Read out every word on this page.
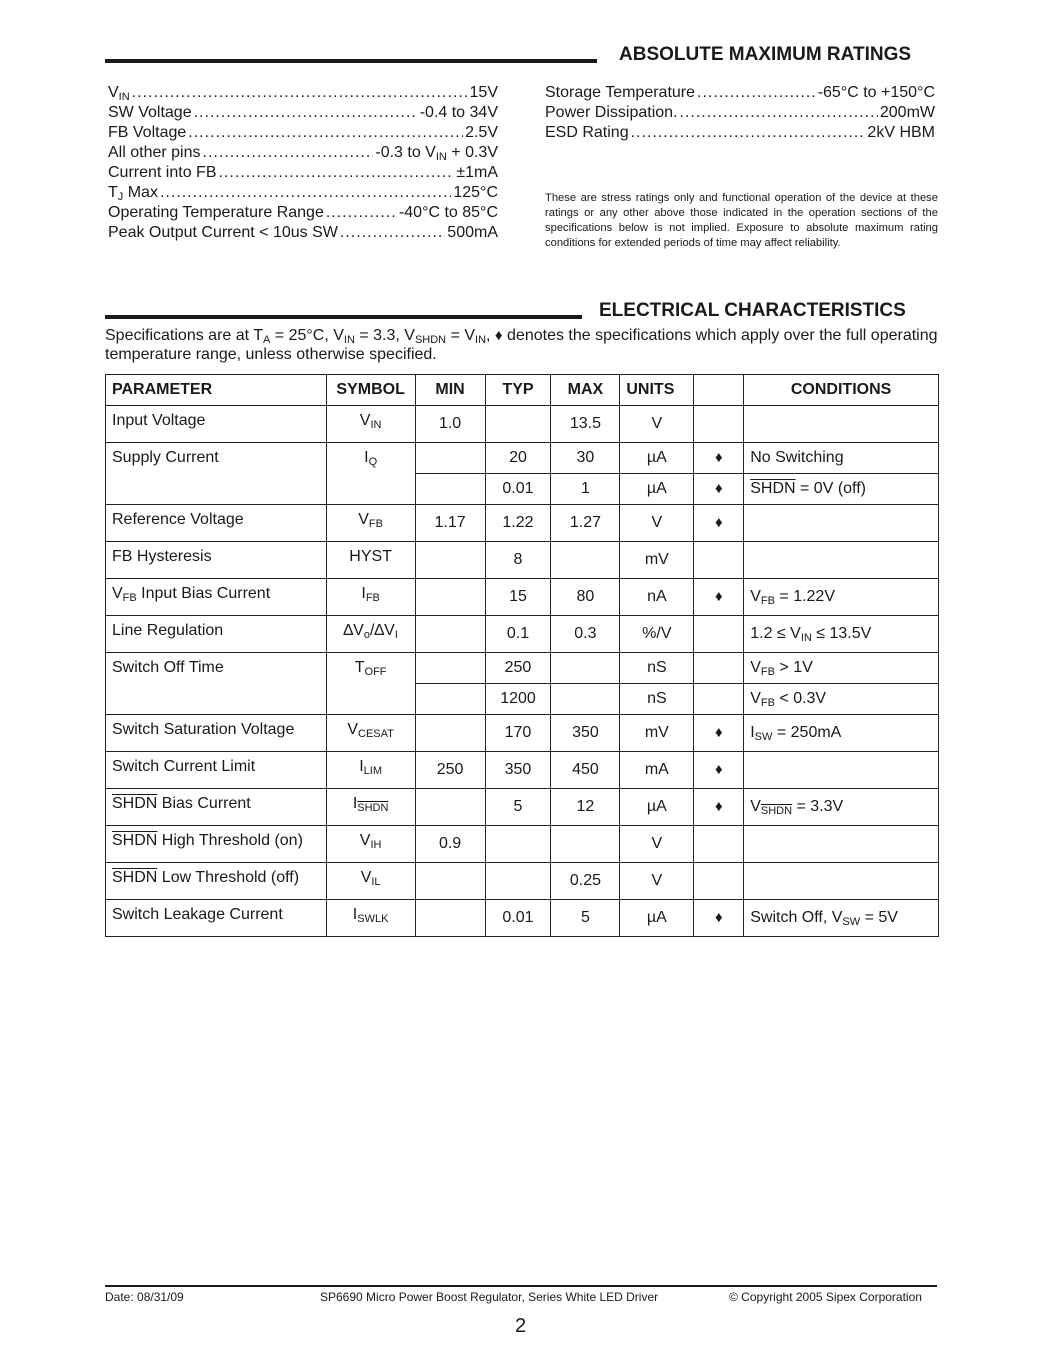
ABSOLUTE MAXIMUM RATINGS
$V_{IN}$ .....	15V
SW Voltage .....	-0.4 to 34V
FB Voltage .....	2.5V
All other pins .....	-0.3 to $V_{IN} + 0.3V$
Current into FB .....	±1mA
$T_J$ Max .....	125°C
Operating Temperature Range .....	-40°C to 85°C
Peak Output Current < 10us SW .....	500mA
Storage Temperature .....	-65°C to +150°C
Power Dissipation. .....	200mW
ESD Rating .....	2kV HBM
These are stress ratings only and functional operation of the device at these ratings or any other above those indicated in the operation sections of the specifications below is not implied. Exposure to absolute maximum rating conditions for extended periods of time may affect reliability.
ELECTRICAL CHARACTERISTICS
Specifications are at $T_A = 25^\circ C$, $V_{IN} = 3.3$, $V_{SHDN} = V_{IN}$, ♦ denotes the specifications which apply over the full operating temperature range, unless otherwise specified.
PARAMETER	SYMBOL	MIN	TYP	MAX	UNITS		CONDITIONS
Input Voltage	$V_{IN}$	1.0		13.5	V		
Supply Current	$I_Q$		20	30	µA	♦	No Switching
			0.01	1	µA	♦	SHDN = 0V (off)
Reference Voltage	$V_{FB}$	1.17	1.22	1.27	V	♦	
FB Hysteresis	HYST		8		mV		
$V_{FB}$ Input Bias Current	$I_{FB}$		15	80	nA	♦	$V_{FB} = 1.22V$
Line Regulation	$\Delta V_o/\Delta V_I$		0.1	0.3	%/V		$1.2 \le V_{IN} \le 13.5V$
Switch Off Time	$T_{OFF}$		250		nS		$V_{FB} > 1V$
			1200		nS		$V_{FB} < 0.3V$
Switch Saturation Voltage	$V_{CESAT}$		170	350	mV	♦	$I_{SW} = 250mA$
Switch Current Limit	$I_{LIM}$	250	350	450	mA	♦	
SHDN Bias Current	$I_{SHDN}$		5	12	µA	♦	$V_{SHDN} = 3.3V$
SHDN High Threshold (on)	$V_{IH}$	0.9			V		
SHDN Low Threshold (off)	$V_{IL}$			0.25	V		
Switch Leakage Current	$I_{SWLK}$		0.01	5	µA	♦	Switch Off, $V_{SW} = 5V$
Date: 08/31/09	SP6690 Micro Power Boost Regulator, Series White LED Driver	© Copyright 2005 Sipex Corporation
2
